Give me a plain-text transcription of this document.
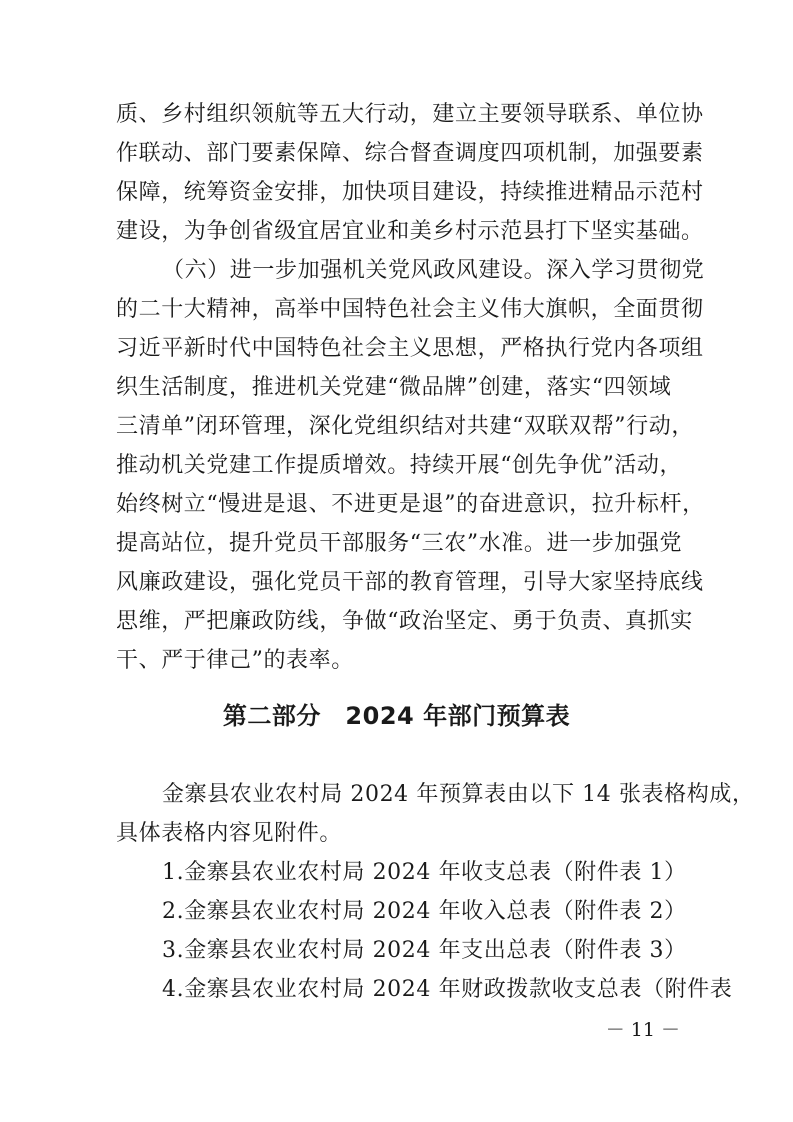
质、乡村组织领航等五大行动，建立主要领导联系、单位协
作联动、部门要素保障、综合督查调度四项机制，加强要素
保障，统筹资金安排，加快项目建设，持续推进精品示范村
建设，为争创省级宜居宜业和美乡村示范县打下坚实基础。
（六）进一步加强机关党风政风建设。深入学习贯彻党
的二十大精神，高举中国特色社会主义伟大旗帜，全面贯彻
习近平新时代中国特色社会主义思想，严格执行党内各项组
织生活制度，推进机关党建“微品牌”创建，落实“四领域
三清单”闭环管理，深化党组织结对共建“双联双帮”行动，
推动机关党建工作提质增效。持续开展“创先争优”活动，
始终树立“慢进是退、不进更是退”的奋进意识，拉升标杆，
提高站位，提升党员干部服务“三农”水准。进一步加强党
风廉政建设，强化党员干部的教育管理，引导大家坚持底线
思维，严把廉政防线，争做“政治坚定、勇于负责、真抓实
干、严于律己”的表率。
第二部分　2024 年部门预算表
金寨县农业农村局 2024 年预算表由以下 14 张表格构成，
具体表格内容见附件。
1.金寨县农业农村局 2024 年收支总表（附件表 1）
2.金寨县农业农村局 2024 年收入总表（附件表 2）
3.金寨县农业农村局 2024 年支出总表（附件表 3）
4.金寨县农业农村局 2024 年财政拨款收支总表（附件表
－ 11 －
